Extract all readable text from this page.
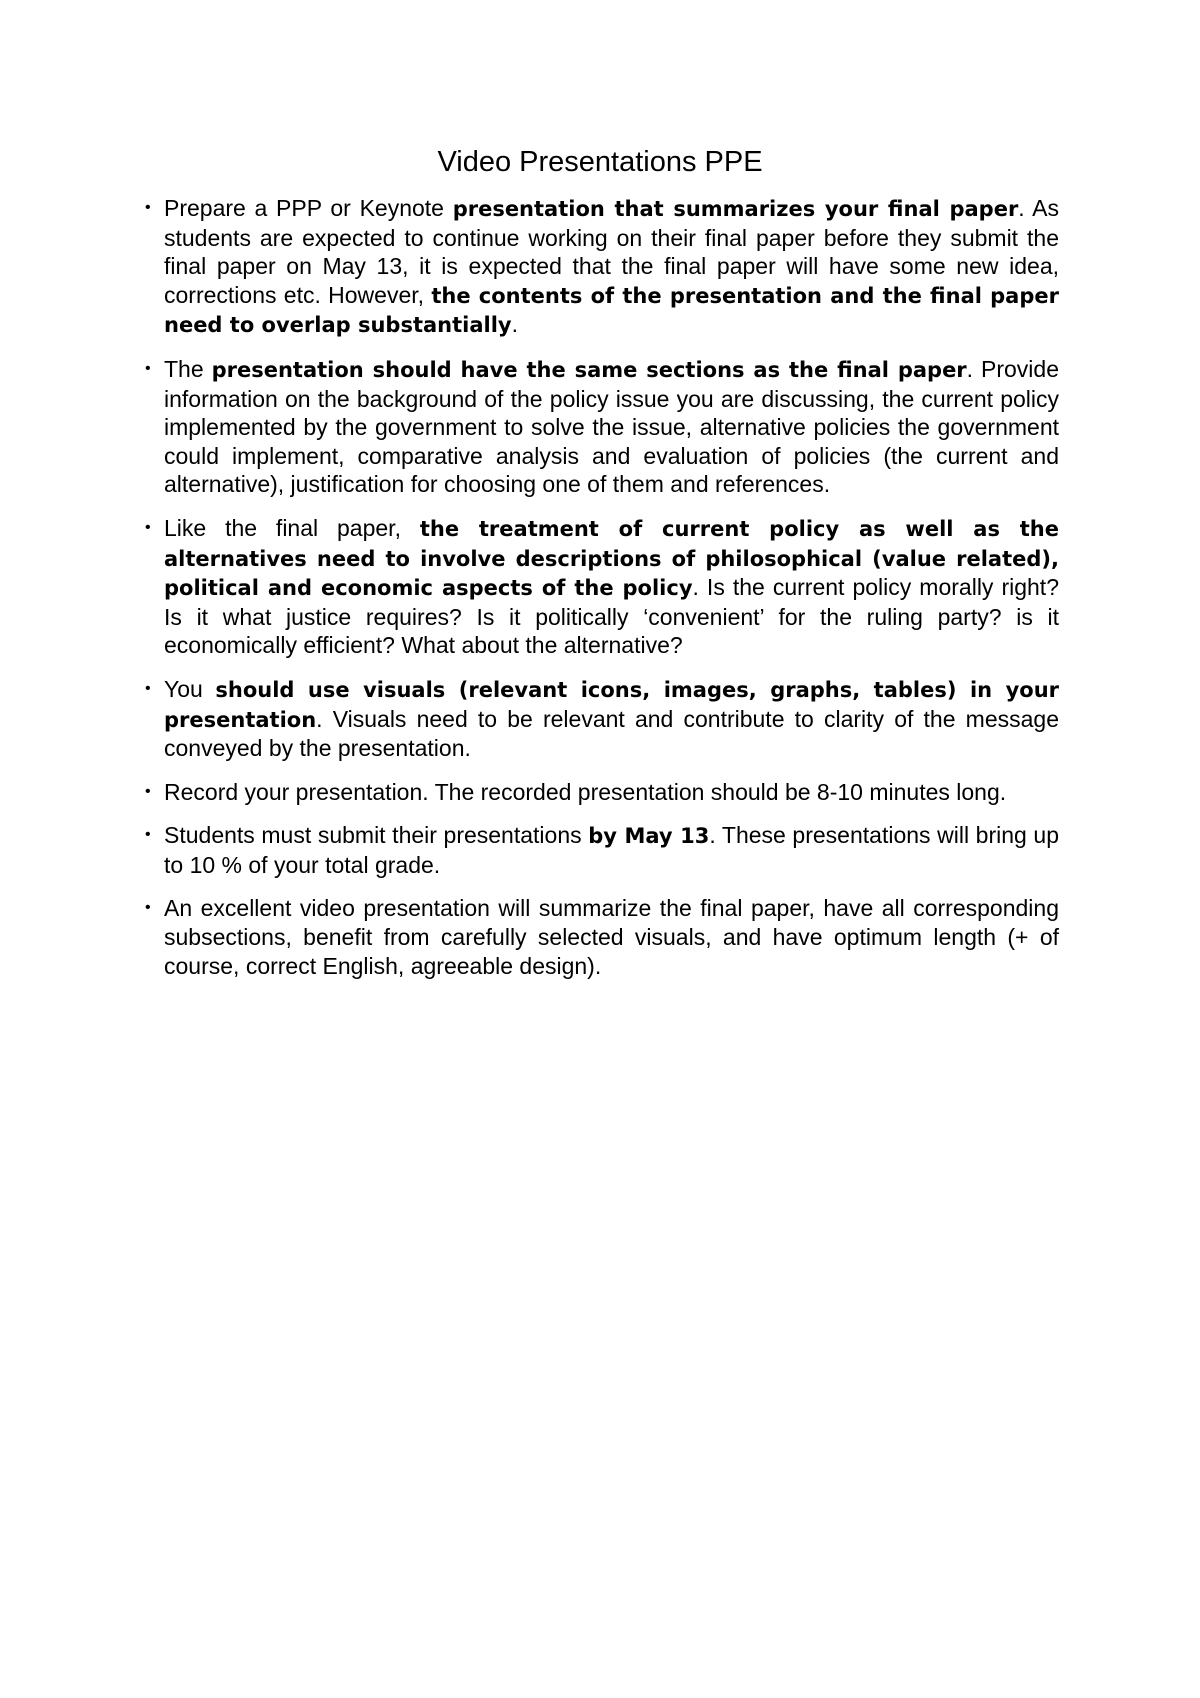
Video Presentations PPE
• Prepare a PPP or Keynote presentation that summarizes your final paper. As students are expected to continue working on their final paper before they submit the final paper on May 13, it is expected that the final paper will have some new idea, corrections etc. However, the contents of the presentation and the final paper need to overlap substantially.
• The presentation should have the same sections as the final paper. Provide information on the background of the policy issue you are discussing, the current policy implemented by the government to solve the issue, alternative policies the government could implement, comparative analysis and evaluation of policies (the current and alternative), justification for choosing one of them and references.
• Like the final paper, the treatment of current policy as well as the alternatives need to involve descriptions of philosophical (value related), political and economic aspects of the policy. Is the current policy morally right? Is it what justice requires? Is it politically ‘convenient’ for the ruling party? is it economically efficient? What about the alternative?
• You should use visuals (relevant icons, images, graphs, tables) in your presentation. Visuals need to be relevant and contribute to clarity of the message conveyed by the presentation.
• Record your presentation. The recorded presentation should be 8-10 minutes long.
• Students must submit their presentations by May 13. These presentations will bring up to 10 % of your total grade.
• An excellent video presentation will summarize the final paper, have all corresponding subsections, benefit from carefully selected visuals, and have optimum length (+ of course, correct English, agreeable design).
